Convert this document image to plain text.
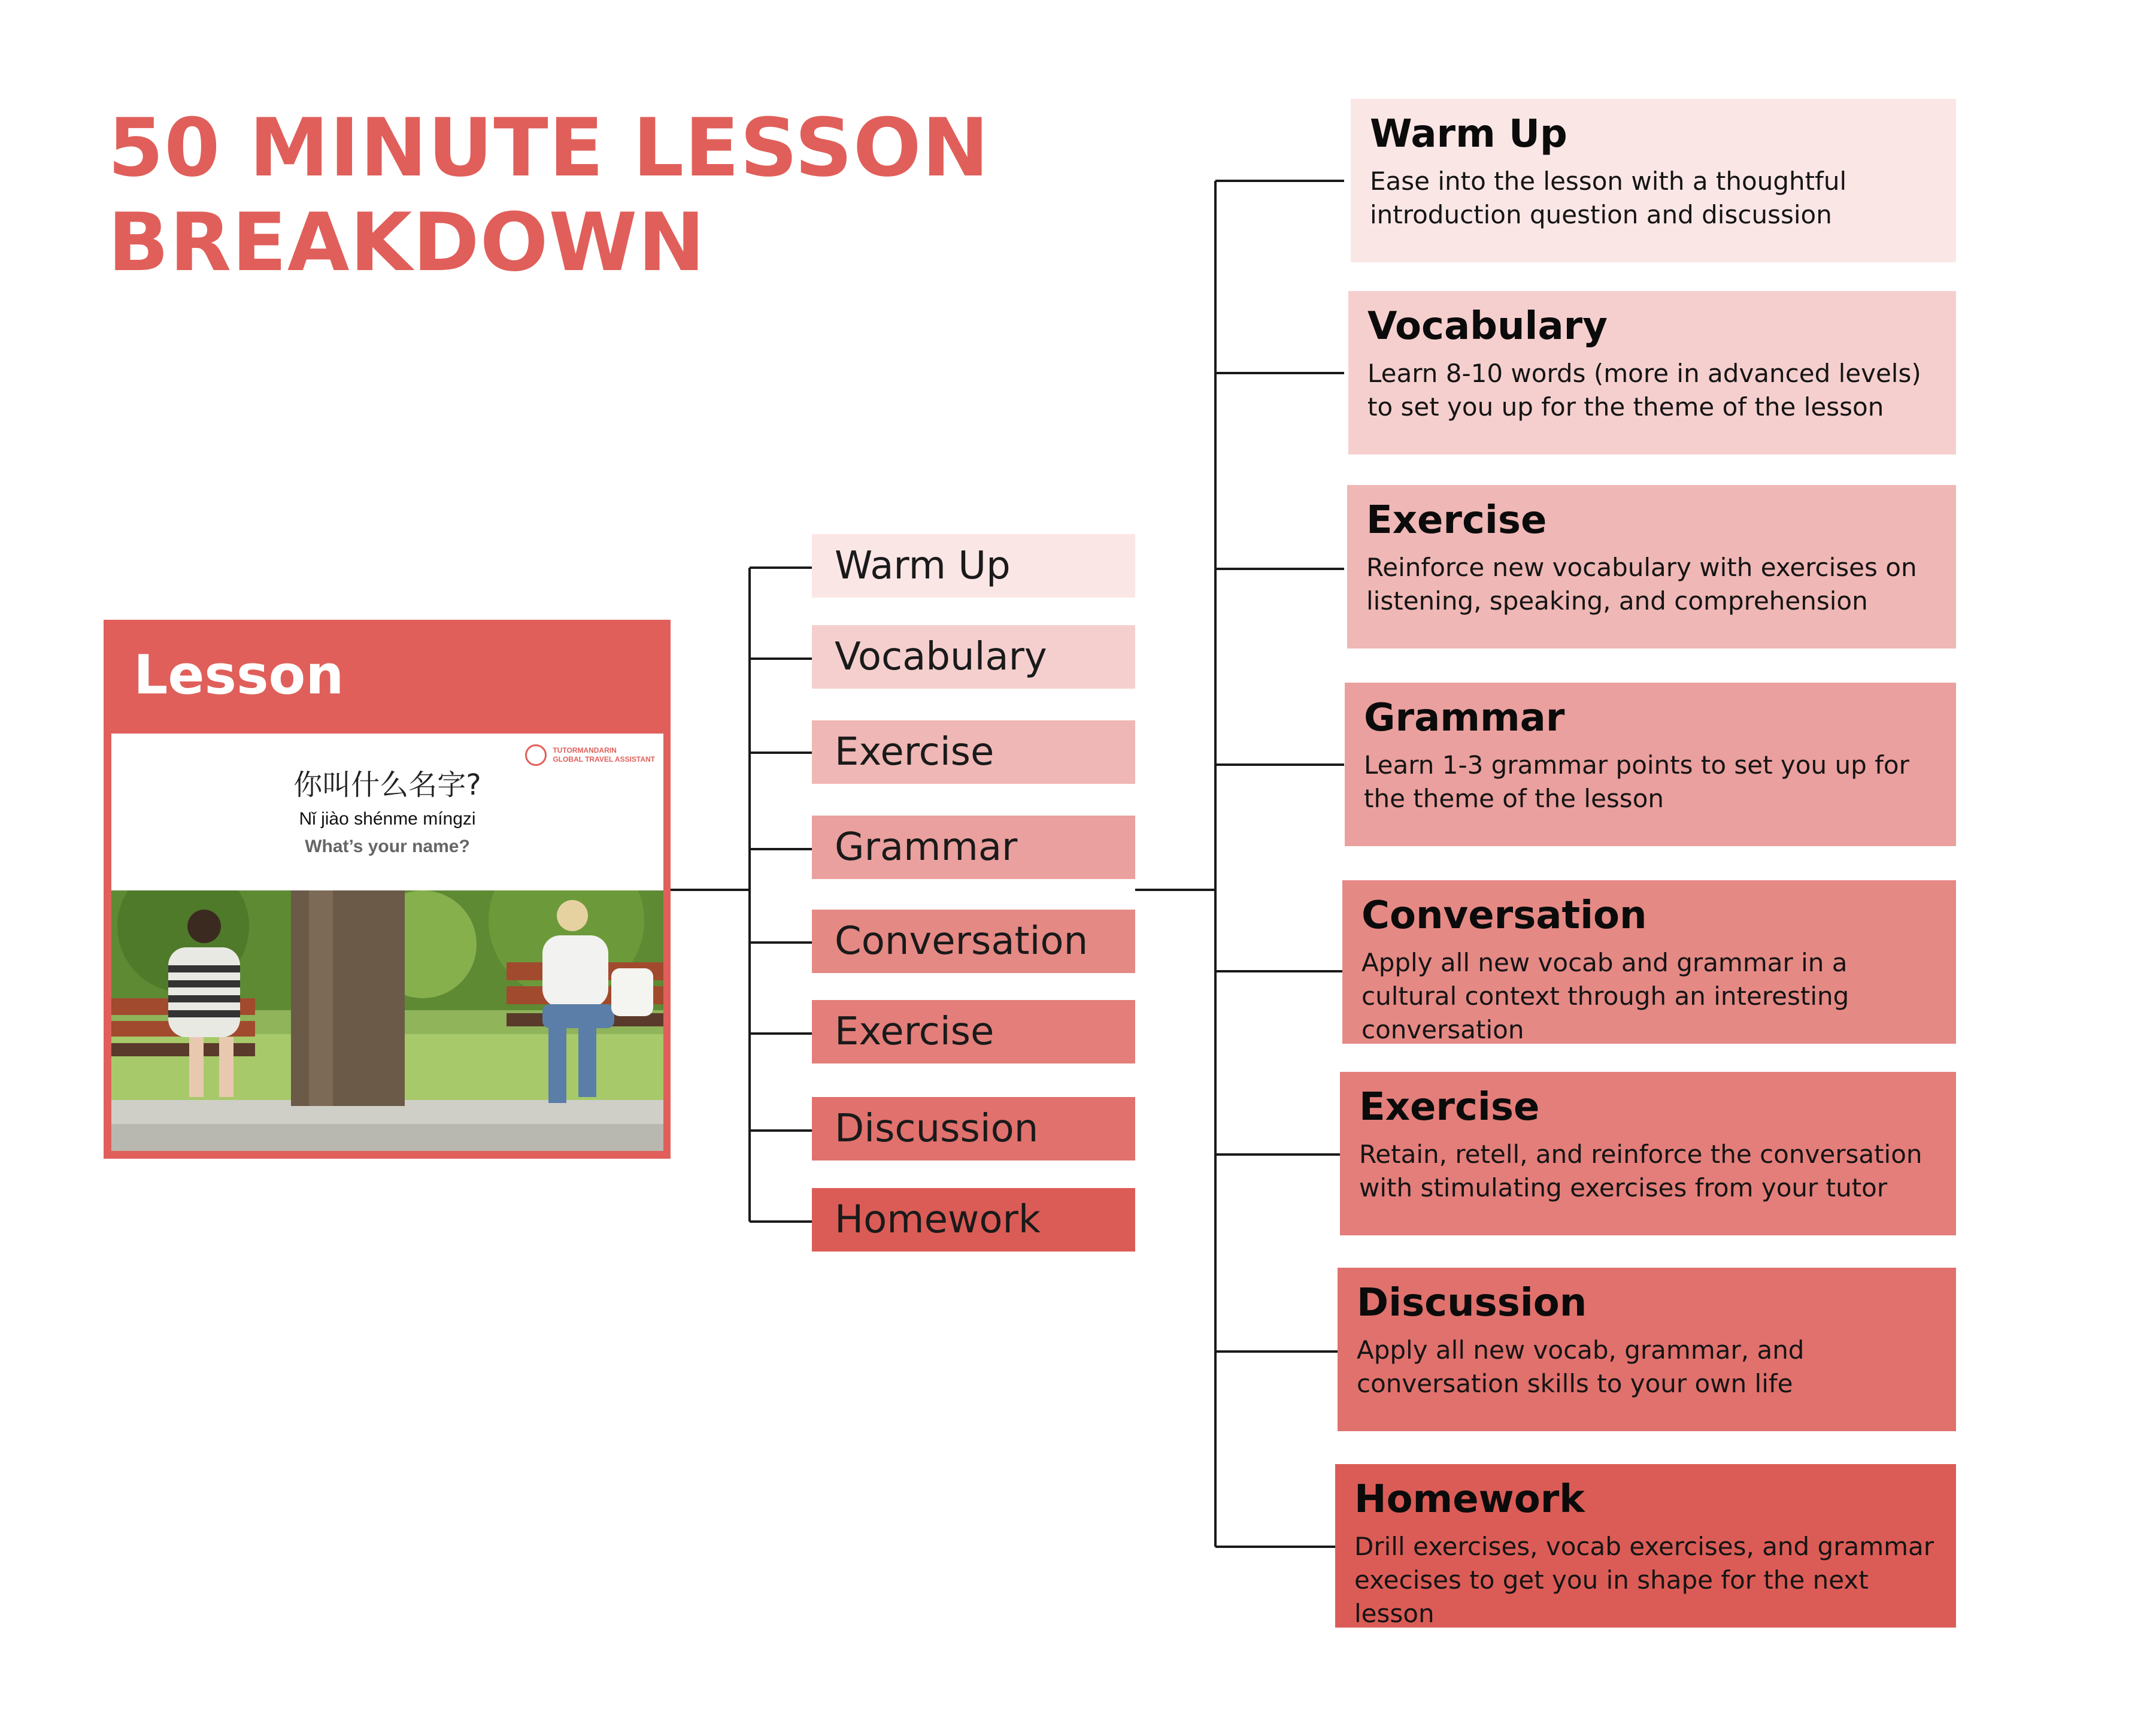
50 MINUTE LESSON
BREAKDOWN
Lesson
TUTORMANDARIN
GLOBAL TRAVEL ASSISTANT
你叫什么名字?
Nǐ jiào shénme míngzi
What’s your name?
Warm Up
Vocabulary
Exercise
Grammar
Conversation
Exercise
Discussion
Homework
Warm Up

Ease into the lesson with a thoughtful introduction question and discussion

Vocabulary

Learn 8-10 words (more in advanced levels) to set you up for the theme of the lesson

Exercise

Reinforce new vocabulary with exercises on listening, speaking, and comprehension

Grammar

Learn 1-3 grammar points to set you up for the theme of the lesson

Conversation

Apply all new vocab and grammar in a cultural context through an interesting conversation

Exercise

Retain, retell, and reinforce the conversation with stimulating exercises from your tutor

Discussion

Apply all new vocab, grammar, and conversation skills to your own life

Homework

Drill exercises, vocab exercises, and grammar execises to get you in shape for the next lesson
